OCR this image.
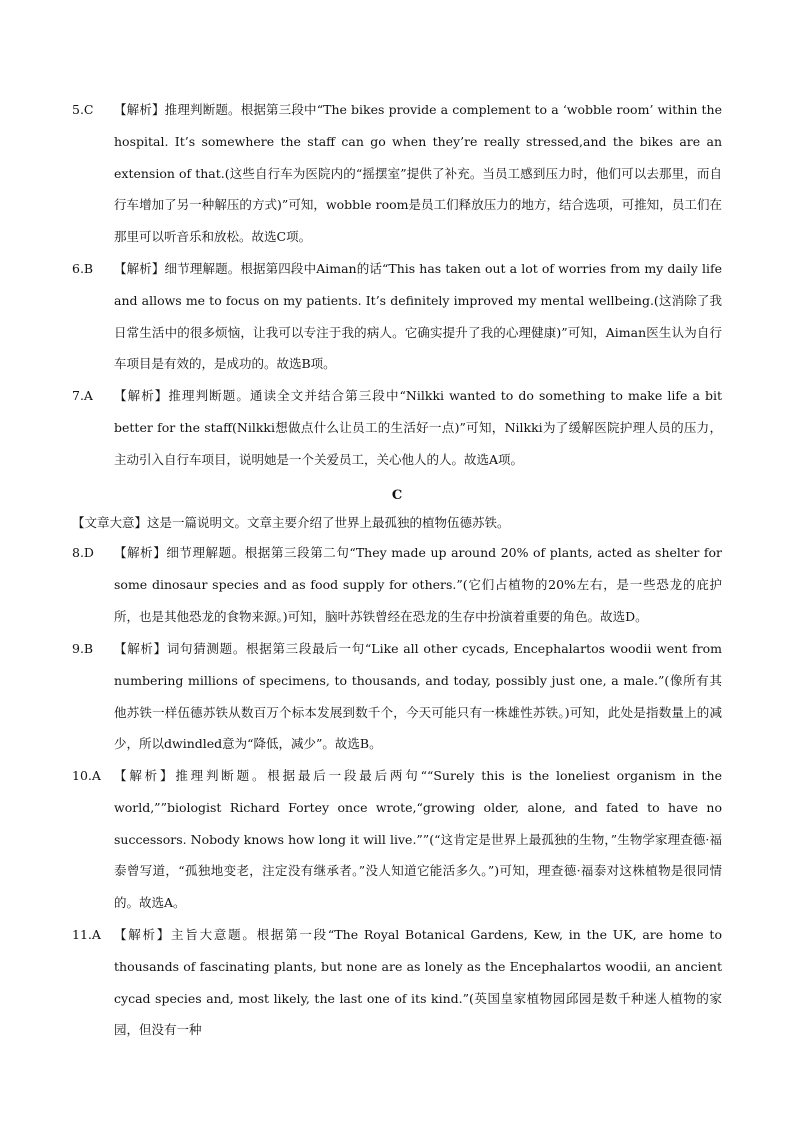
5.C 【解析】推理判断题。根据第三段中“The bikes provide a complement to a ‘wobble room’ within the hospital. It’s somewhere the staff can go when they’re really stressed,and the bikes are an extension of that.(这些自行车为医院内的“摇摆室”提供了补充。当员工感到压力时，他们可以去那里，而自行车增加了另一种解压的方式)”可知，wobble room是员工们释放压力的地方，结合选项，可推知，员工们在那里可以听音乐和放松。故选C项。
6.B 【解析】细节理解题。根据第四段中Aiman的话“This has taken out a lot of worries from my daily life and allows me to focus on my patients. It’s definitely improved my mental wellbeing.(这消除了我日常生活中的很多烦恼，让我可以专注于我的病人。它确实提升了我的心理健康)”可知，Aiman医生认为自行车项目是有效的，是成功的。故选B项。
7.A 【解析】推理判断题。通读全文并结合第三段中“Nilkki wanted to do something to make life a bit better for the staff(Nilkki想做点什么让员工的生活好一点)”可知，Nilkki为了缓解医院护理人员的压力，主动引入自行车项目，说明她是一个关爱员工，关心他人的人。故选A项。
C
【文章大意】这是一篇说明文。文章主要介绍了世界上最孤独的植物伍德苏铁。
8.D 【解析】细节理解题。根据第三段第二句“They made up around 20% of plants, acted as shelter for some dinosaur species and as food supply for others.”(它们占植物的20%左右，是一些恐龙的庇护所，也是其他恐龙的食物来源。)可知，脑叶苏铁曾经在恐龙的生存中扮演着重要的角色。故选D。
9.B 【解析】词句猜测题。根据第三段最后一句“Like all other cycads, Encephalartos woodii went from numbering millions of specimens, to thousands, and today, possibly just one, a male.”(像所有其他苏铁一样伍德苏铁从数百万个标本发展到数千个，今天可能只有一株雄性苏铁。)可知，此处是指数量上的减少，所以dwindled意为“降低，减少”。故选B。
10.A 【解析】推理判断题。根据最后一段最后两句““Surely this is the loneliest organism in the world,””biologist Richard Fortey once wrote,“growing older, alone, and fated to have no successors. Nobody knows how long it will live.””(“这肯定是世界上最孤独的生物，”生物学家理查德·福泰曾写道，“孤独地变老，注定没有继承者。”没人知道它能活多久。”)可知，理查德·福泰对这株植物是很同情的。故选A。
11.A 【解析】主旨大意题。根据第一段“The Royal Botanical Gardens, Kew, in the UK, are home to thousands of fascinating plants, but none are as lonely as the Encephalartos woodii, an ancient cycad species and, most likely, the last one of its kind.”(英国皇家植物园邱园是数千种迷人植物的家园，但没有一种
